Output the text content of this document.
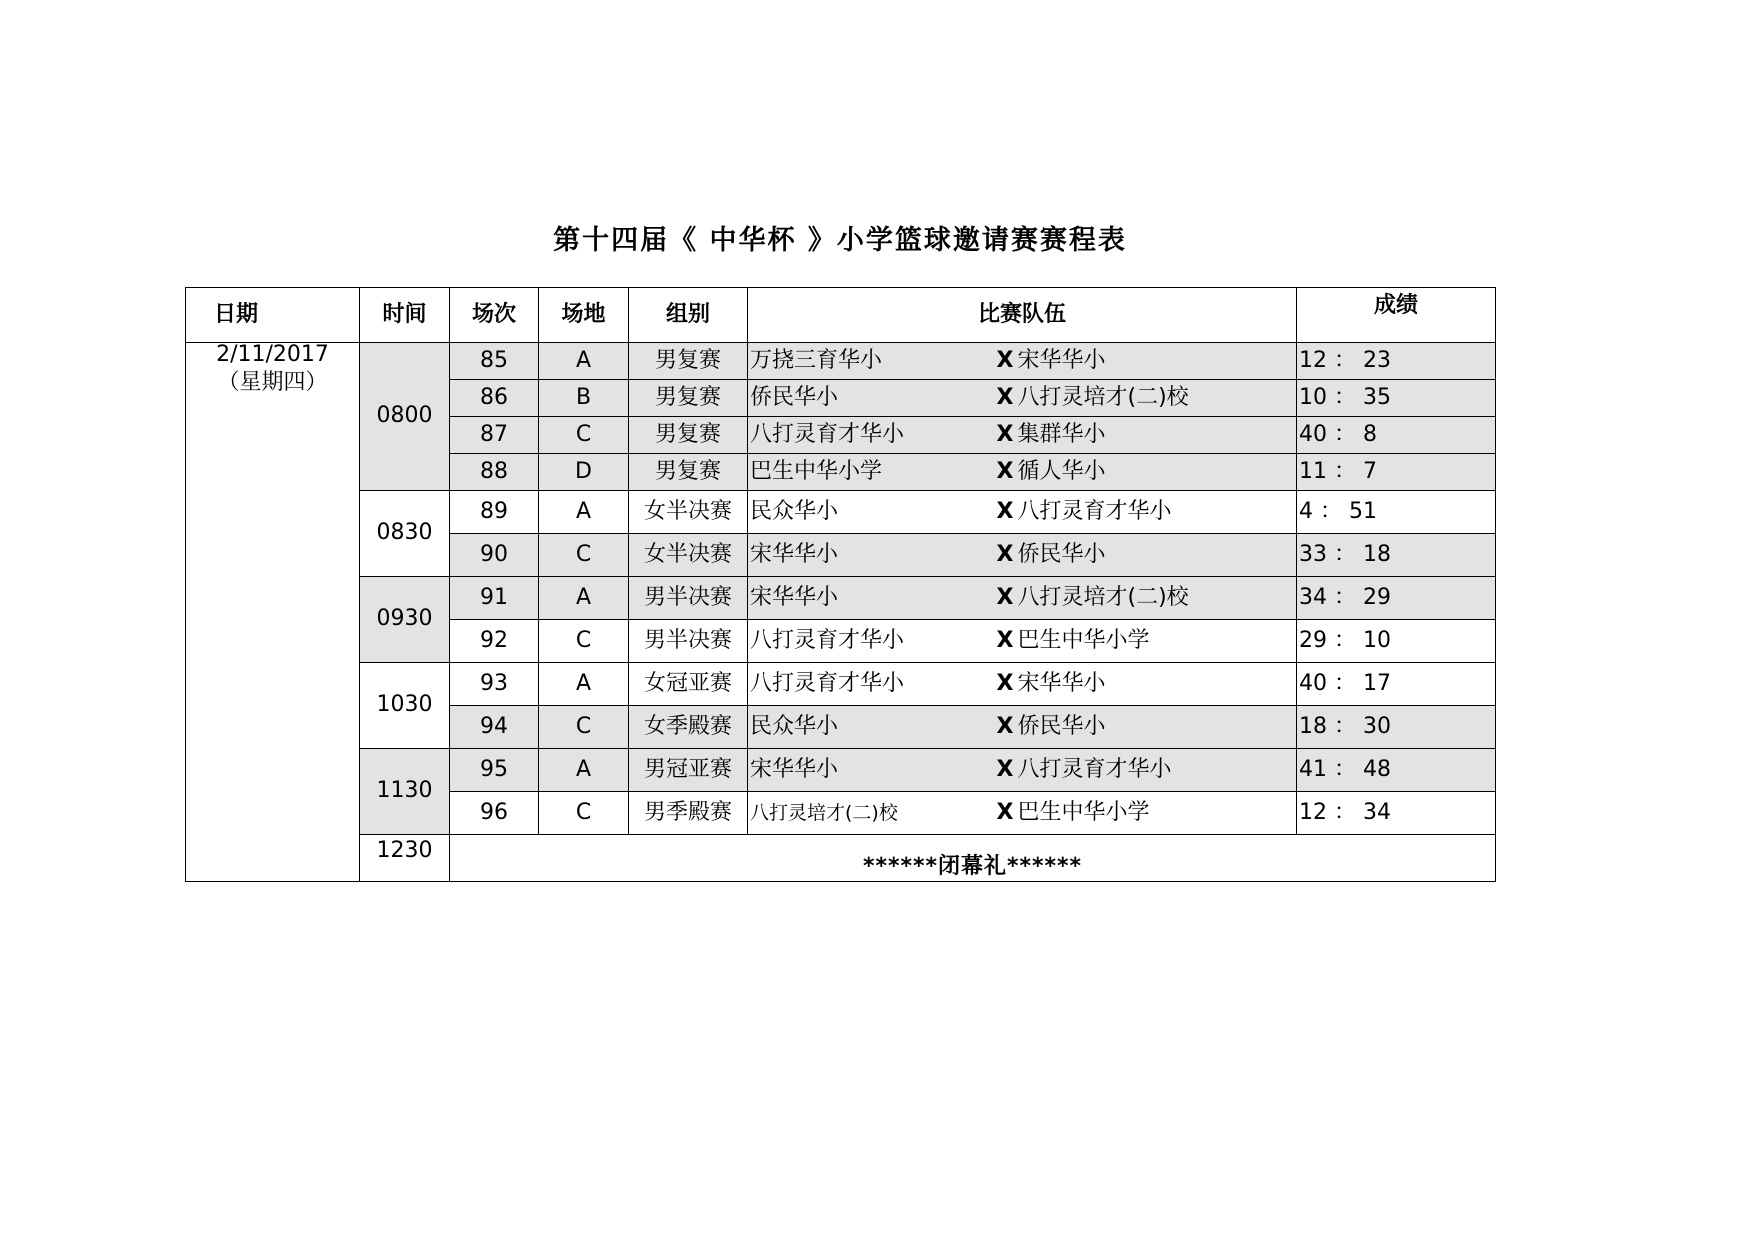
第十四届《 中华杯 》小学篮球邀请赛赛程表
日期	时间	场次	场地	组别	比赛队伍			成绩

2/11/2017
（星期四）	0800	85	A	男复赛	万挠三育华小	X	宋华华小	12 ： 23
		86	B	男复赛	侨民华小	X	八打灵培才(二)校	10 ： 35
		87	C	男复赛	八打灵育才华小	X	集群华小	40 ： 8
		88	D	男复赛	巴生中华小学	X	循人华小	11 ： 7
	0830	89	A	女半决赛	民众华小	X	八打灵育才华小	4 ： 51
		90	C	女半决赛	宋华华小	X	侨民华小	33 ： 18
	0930	91	A	男半决赛	宋华华小	X	八打灵培才(二)校	34 ： 29
		92	C	男半决赛	八打灵育才华小	X	巴生中华小学	29 ： 10
	1030	93	A	女冠亚赛	八打灵育才华小	X	宋华华小	40 ： 17
		94	C	女季殿赛	民众华小	X	侨民华小	18 ： 30
	1130	95	A	男冠亚赛	宋华华小	X	八打灵育才华小	41 ： 48
		96	C	男季殿赛	八打灵培才(二)校	X	巴生中华小学	12 ： 34
	1230	******闭幕礼******						
